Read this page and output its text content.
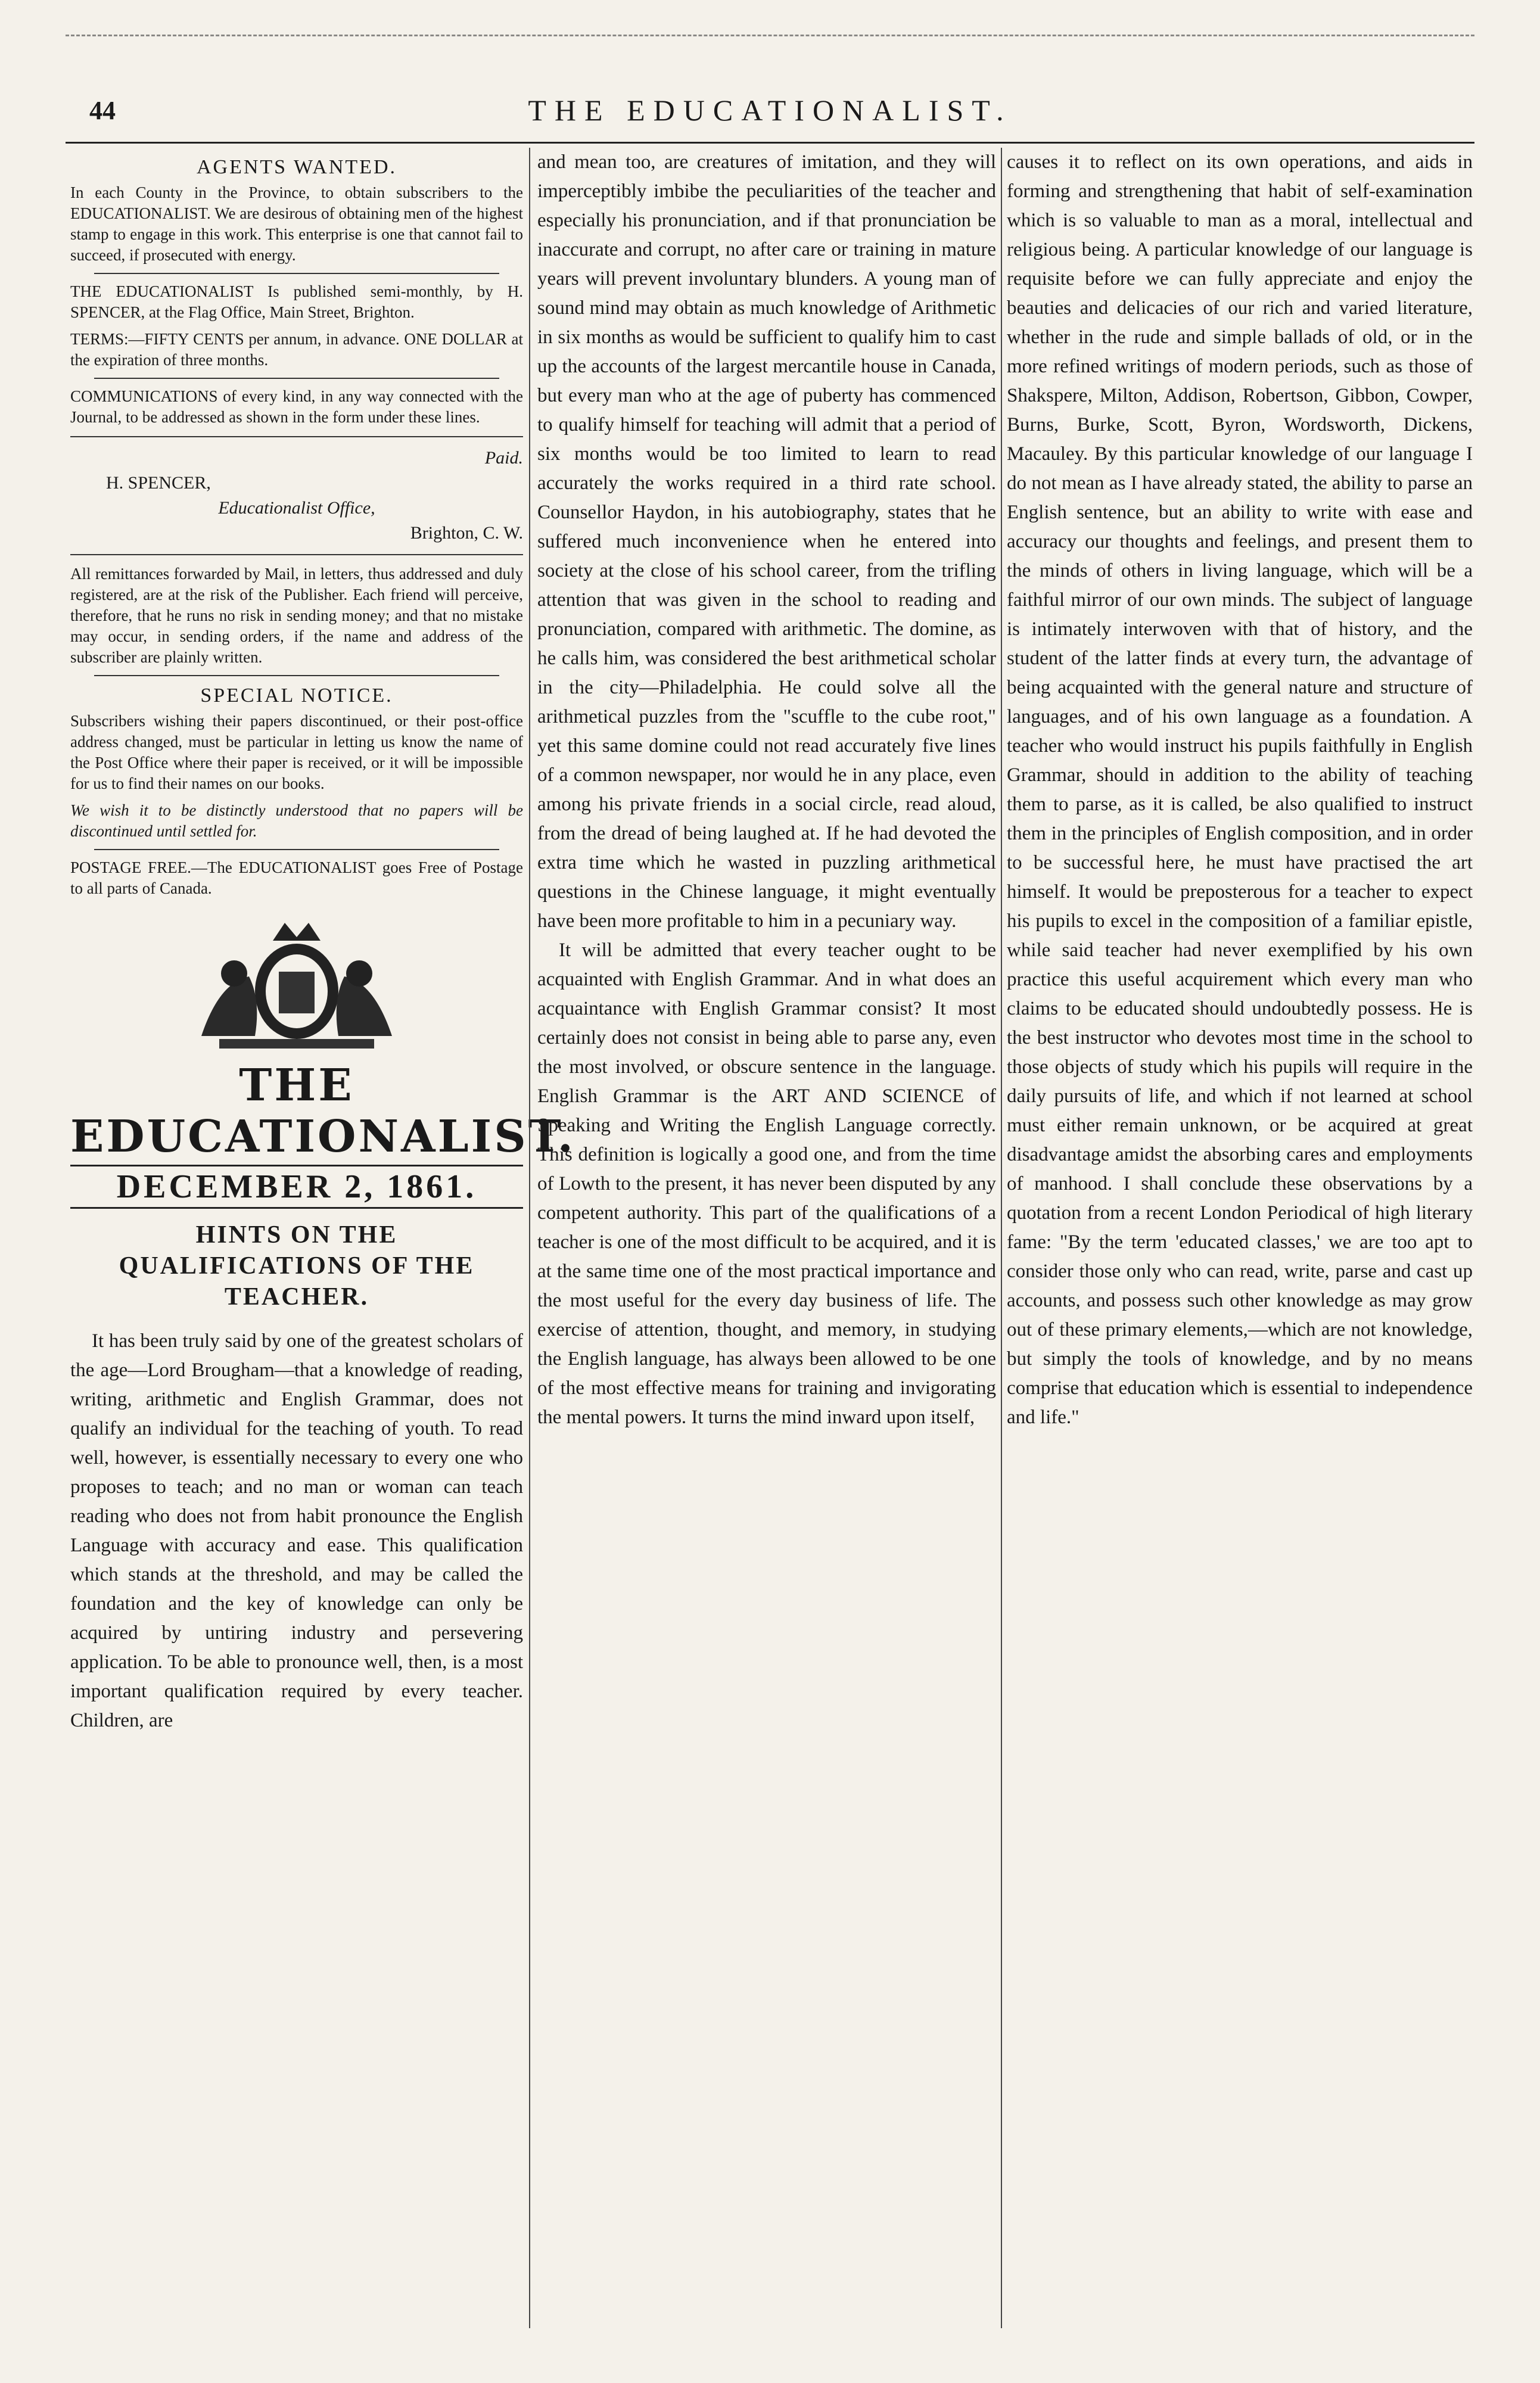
44	THE EDUCATIONALIST.
AGENTS WANTED.

In each County in the Province, to obtain subscribers to the EDUCATIONALIST. We are desirous of obtaining men of the highest stamp to engage in this work. This enterprise is one that cannot fail to succeed, if prosecuted with energy.

THE EDUCATIONALIST Is published semi-monthly, by H. SPENCER, at the Flag Office, Main Street, Brighton.

TERMS:—FIFTY CENTS per annum, in advance. ONE DOLLAR at the expiration of three months.

COMMUNICATIONS of every kind, in any way connected with the Journal, to be addressed as shown in the form under these lines.

Paid.

H. SPENCER,

Educationalist Office,

Brighton, C. W.

All remittances forwarded by Mail, in letters, thus addressed and duly registered, are at the risk of the Publisher. Each friend will perceive, therefore, that he runs no risk in sending money; and that no mistake may occur, in sending orders, if the name and address of the subscriber are plainly written.

SPECIAL NOTICE.

Subscribers wishing their papers discontinued, or their post-office address changed, must be particular in letting us know the name of the Post Office where their paper is received, or it will be impossible for us to find their names on our books.

We wish it to be distinctly understood that no papers will be discontinued until settled for.

POSTAGE FREE.—The EDUCATIONALIST goes Free of Postage to all parts of Canada.

THE EDUCATIONALIST.
DECEMBER 2, 1861.
HINTS ON THE QUALIFICATIONS OF THE TEACHER.

It has been truly said by one of the greatest scholars of the age—Lord Brougham—that a knowledge of reading, writing, arithmetic and English Grammar, does not qualify an individual for the teaching of youth. To read well, however, is essentially necessary to every one who proposes to teach; and no man or woman can teach reading who does not from habit pronounce the English Language with accuracy and ease. This qualification which stands at the threshold, and may be called the foundation and the key of knowledge can only be acquired by untiring industry and persevering application. To be able to pronounce well, then, is a most important qualification required by every teacher. Children, are

and mean too, are creatures of imitation, and they will imperceptibly imbibe the peculiarities of the teacher and especially his pronunciation, and if that pronunciation be inaccurate and corrupt, no after care or training in mature years will prevent involuntary blunders. A young man of sound mind may obtain as much knowledge of Arithmetic in six months as would be sufficient to qualify him to cast up the accounts of the largest mercantile house in Canada, but every man who at the age of puberty has commenced to qualify himself for teaching will admit that a period of six months would be too limited to learn to read accurately the works required in a third rate school. Counsellor Haydon, in his autobiography, states that he suffered much inconvenience when he entered into society at the close of his school career, from the trifling attention that was given in the school to reading and pronunciation, compared with arithmetic. The domine, as he calls him, was considered the best arithmetical scholar in the city—Philadelphia. He could solve all the arithmetical puzzles from the "scuffle to the cube root," yet this same domine could not read accurately five lines of a common newspaper, nor would he in any place, even among his private friends in a social circle, read aloud, from the dread of being laughed at. If he had devoted the extra time which he wasted in puzzling arithmetical questions in the Chinese language, it might eventually have been more profitable to him in a pecuniary way.

It will be admitted that every teacher ought to be acquainted with English Grammar. And in what does an acquaintance with English Grammar consist? It most certainly does not consist in being able to parse any, even the most involved, or obscure sentence in the language. English Grammar is the ART AND SCIENCE of Speaking and Writing the English Language correctly. This definition is logically a good one, and from the time of Lowth to the present, it has never been disputed by any competent authority. This part of the qualifications of a teacher is one of the most difficult to be acquired, and it is at the same time one of the most practical importance and the most useful for the every day business of life. The exercise of attention, thought, and memory, in studying the English language, has always been allowed to be one of the most effective means for training and invigorating the mental powers. It turns the mind inward upon itself,

causes it to reflect on its own operations, and aids in forming and strengthening that habit of self-examination which is so valuable to man as a moral, intellectual and religious being. A particular knowledge of our language is requisite before we can fully appreciate and enjoy the beauties and delicacies of our rich and varied literature, whether in the rude and simple ballads of old, or in the more refined writings of modern periods, such as those of Shakspere, Milton, Addison, Robertson, Gibbon, Cowper, Burns, Burke, Scott, Byron, Wordsworth, Dickens, Macauley. By this particular knowledge of our language I do not mean as I have already stated, the ability to parse an English sentence, but an ability to write with ease and accuracy our thoughts and feelings, and present them to the minds of others in living language, which will be a faithful mirror of our own minds. The subject of language is intimately interwoven with that of history, and the student of the latter finds at every turn, the advantage of being acquainted with the general nature and structure of languages, and of his own language as a foundation. A teacher who would instruct his pupils faithfully in English Grammar, should in addition to the ability of teaching them to parse, as it is called, be also qualified to instruct them in the principles of English composition, and in order to be successful here, he must have practised the art himself. It would be preposterous for a teacher to expect his pupils to excel in the composition of a familiar epistle, while said teacher had never exemplified by his own practice this useful acquirement which every man who claims to be educated should undoubtedly possess. He is the best instructor who devotes most time in the school to those objects of study which his pupils will require in the daily pursuits of life, and which if not learned at school must either remain unknown, or be acquired at great disadvantage amidst the absorbing cares and employments of manhood. I shall conclude these observations by a quotation from a recent London Periodical of high literary fame: "By the term 'educated classes,' we are too apt to consider those only who can read, write, parse and cast up accounts, and possess such other knowledge as may grow out of these primary elements,—which are not knowledge, but simply the tools of knowledge, and by no means comprise that education which is essential to independence and life."
